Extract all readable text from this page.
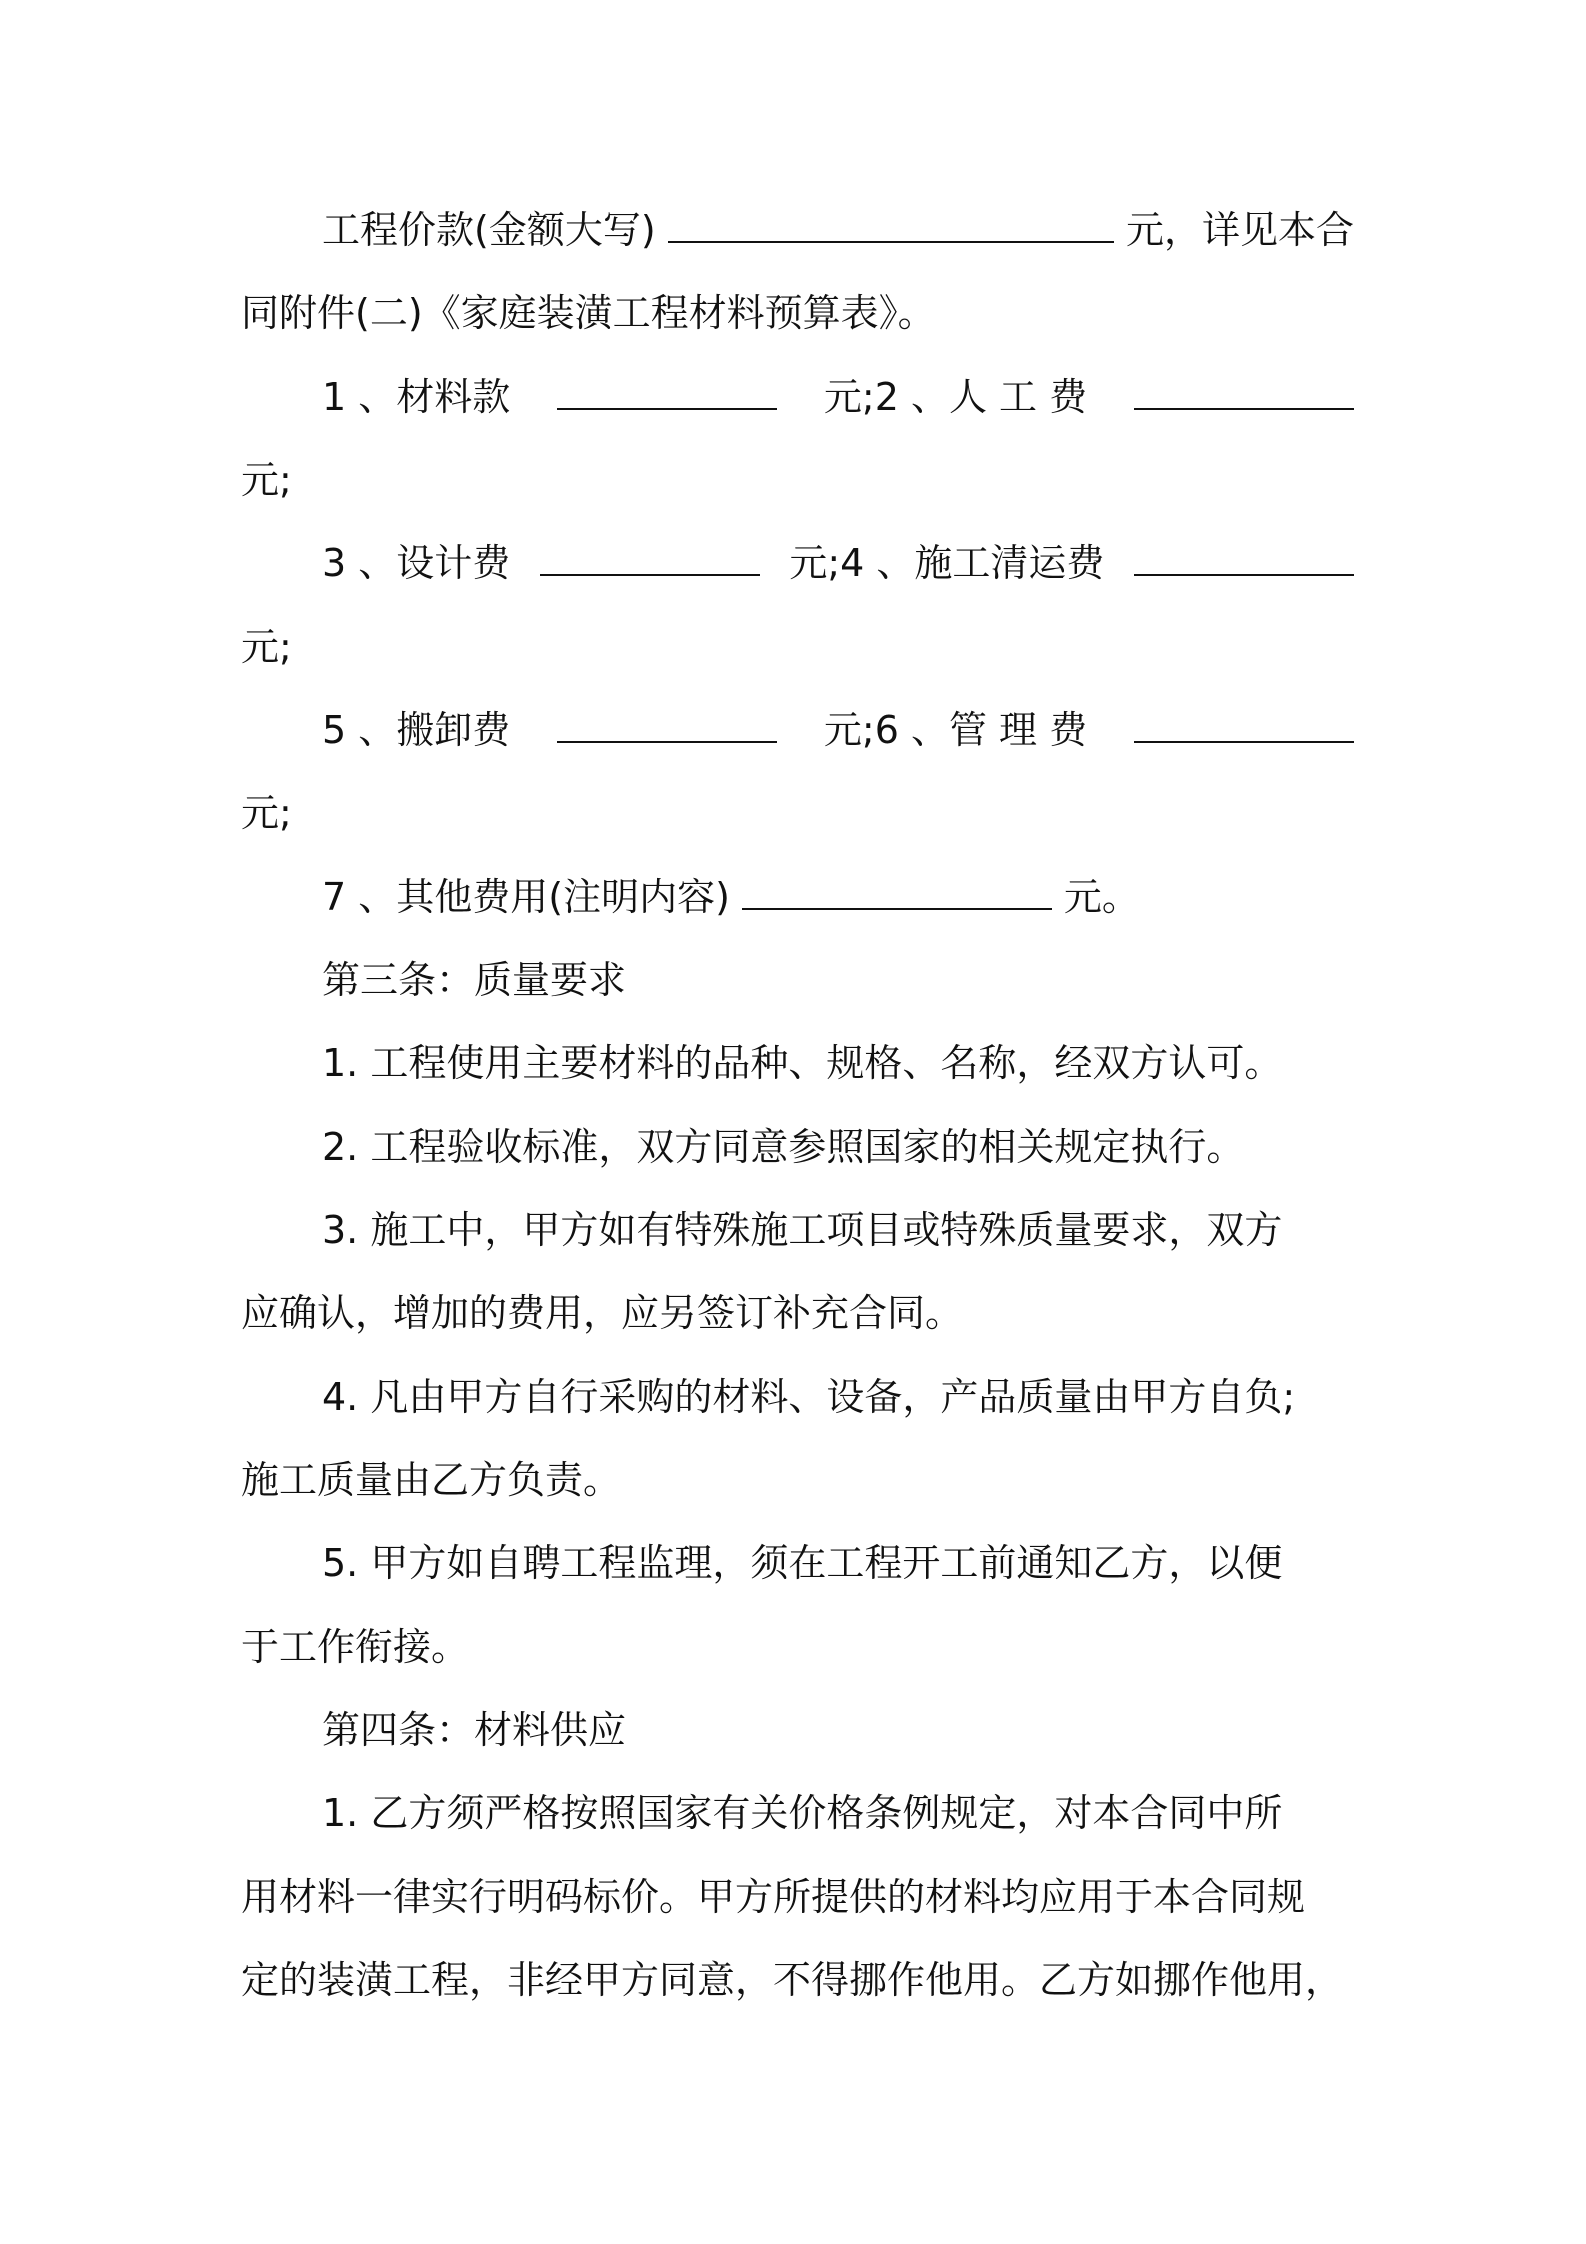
工程价款(金额大写)	元，详见本合
同附件(二)《家庭装潢工程材料预算表》。
1 、材料款	元;2 、人 工 费
元;
3 、设计费	元;4 、施工清运费
元;
5 、搬卸费	元;6 、管 理 费
元;
7 、其他费用(注明内容)	元。
第三条：质量要求
1. 工程使用主要材料的品种、规格、名称，经双方认可。
2. 工程验收标准，双方同意参照国家的相关规定执行。
3. 施工中，甲方如有特殊施工项目或特殊质量要求，双方
应确认，增加的费用，应另签订补充合同。
4. 凡由甲方自行采购的材料、设备，产品质量由甲方自负;
施工质量由乙方负责。
5. 甲方如自聘工程监理，须在工程开工前通知乙方，以便
于工作衔接。
第四条：材料供应
1. 乙方须严格按照国家有关价格条例规定，对本合同中所
用材料一律实行明码标价。甲方所提供的材料均应用于本合同规
定的装潢工程，非经甲方同意，不得挪作他用。乙方如挪作他用，
